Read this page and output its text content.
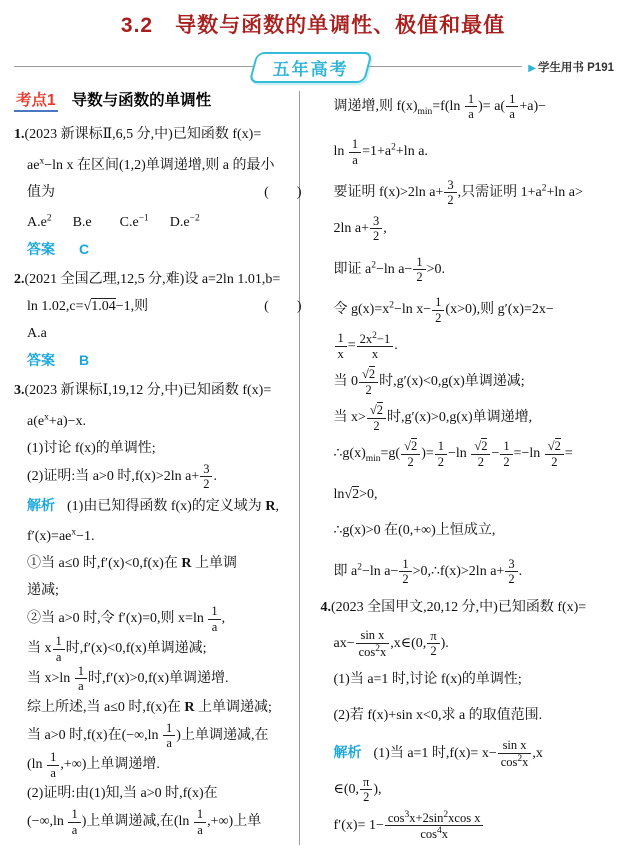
3.2　导数与函数的单调性、极值和最值
五年高考	▶ 学生用书 P191
考点1 导数与函数的单调性
1.(2023 新课标Ⅱ,6,5 分,中)已知函数 f(x)=
$ae^x-\ln$ x 在区间(1,2)单调递增,则 a 的最小
值为	(    )
$A.e^2$  B.e  $C.e^{-1}$  $D.e^{-2}$
答案 C
2.(2021 全国乙理,12,5 分,难)设 a=2ln 1.01,b=
ln 1.02,c=√1.04−1,则	(    )
A.a
答案 B
3.(2023 新课标Ⅰ,19,12 分,中)已知函数 f(x)=
$a(e^x+a)-x$.
(1)讨论 f(x)的单调性;
(2)证明:当 a>0 时,f(x)>2ln $a+ \frac{3}{2}$ .
解析 (1)由已知得函数 f(x)的定义域为 R,
$f'(x)=ae^x-1$.
①当 a≤0 时,f′(x)<0,f(x)在 R 上单调
递减;
②当 a>0 时,令 f′(x)=0,则 $x=\ln \frac{1}{a}$ ,
当 x $\frac{1}{a}$ 时,f′(x)<0,f(x)单调递减;
当 $x>\ln \frac{1}{a}$ 时,f′(x)>0,f(x)单调递增.
综上所述,当 a≤0 时,f(x)在 R 上单调递减;
当 a>0 时,f(x)在($-\infty,\ln \frac{1}{a}$ )上单调递减,在
($\ln \frac{1}{a}$ ,+∞)上单调递增.
(2)证明:由(1)知,当 a>0 时,f(x)在
($-\infty,\ln \frac{1}{a}$ )上单调递减,在($\ln \frac{1}{a}$ ,+∞)上单
调递增,则 $f(x)_{min}=f(\ln \frac{1}{a}$ )= $a( \frac{1}{a} +a)-$
$\ln \frac{1}{a} =1+a^2+\ln$ a.
要证明 f(x)>2ln $a+ \frac{3}{2}$ ,只需证明 $1+a^2+\ln$ a>
2ln $a+ \frac{3}{2}$ ,
即证 $a^2-\ln$ $a- \frac{1}{2} >0$.
令 $g(x)=x^2-\ln$ $x- \frac{1}{2} (x>0)$,则 g′(x)=2x−
$\frac{1}{x} = \frac{2x^2-1}{x}$ .
当 $0 \frac{√2}{2}$ 时,g′(x)<0,g(x)单调递减;
当 $x> \frac{√2}{2}$ 时,g′(x)>0,g(x)单调递增,
$\therefore g(x)_{min}=g( \frac{√2}{2}$ )= $\frac{1}{2} -\ln \frac{√2}{2} - \frac{1}{2} =-\ln \frac{√2}{2}$ =
ln√2>0,
∴g(x)>0 在(0,+∞)上恒成立,
即 $a^2-\ln$ $a- \frac{1}{2}$ >0,∴f(x)>2ln $a+ \frac{3}{2}$ .
4.(2023 全国甲文,20,12 分,中)已知函数 f(x)=
$ax- \frac{\text{sin x}}{\cos^2x}$ ,x∈(0, $\frac{\pi}{2}$ ).
(1)当 a=1 时,讨论 f(x)的单调性;
(2)若 f(x)+sin x<0,求 a 的取值范围.
解析 (1)当 a=1 时$,f(x)= x- \frac{\text{sin x}}{\cos^2x} ,x$
∈(0, $\frac{\pi}{2}$ ),
$f'(x)= 1- \frac{\cos^3x+2\sin^2xcos x}{\cos^4x}$
